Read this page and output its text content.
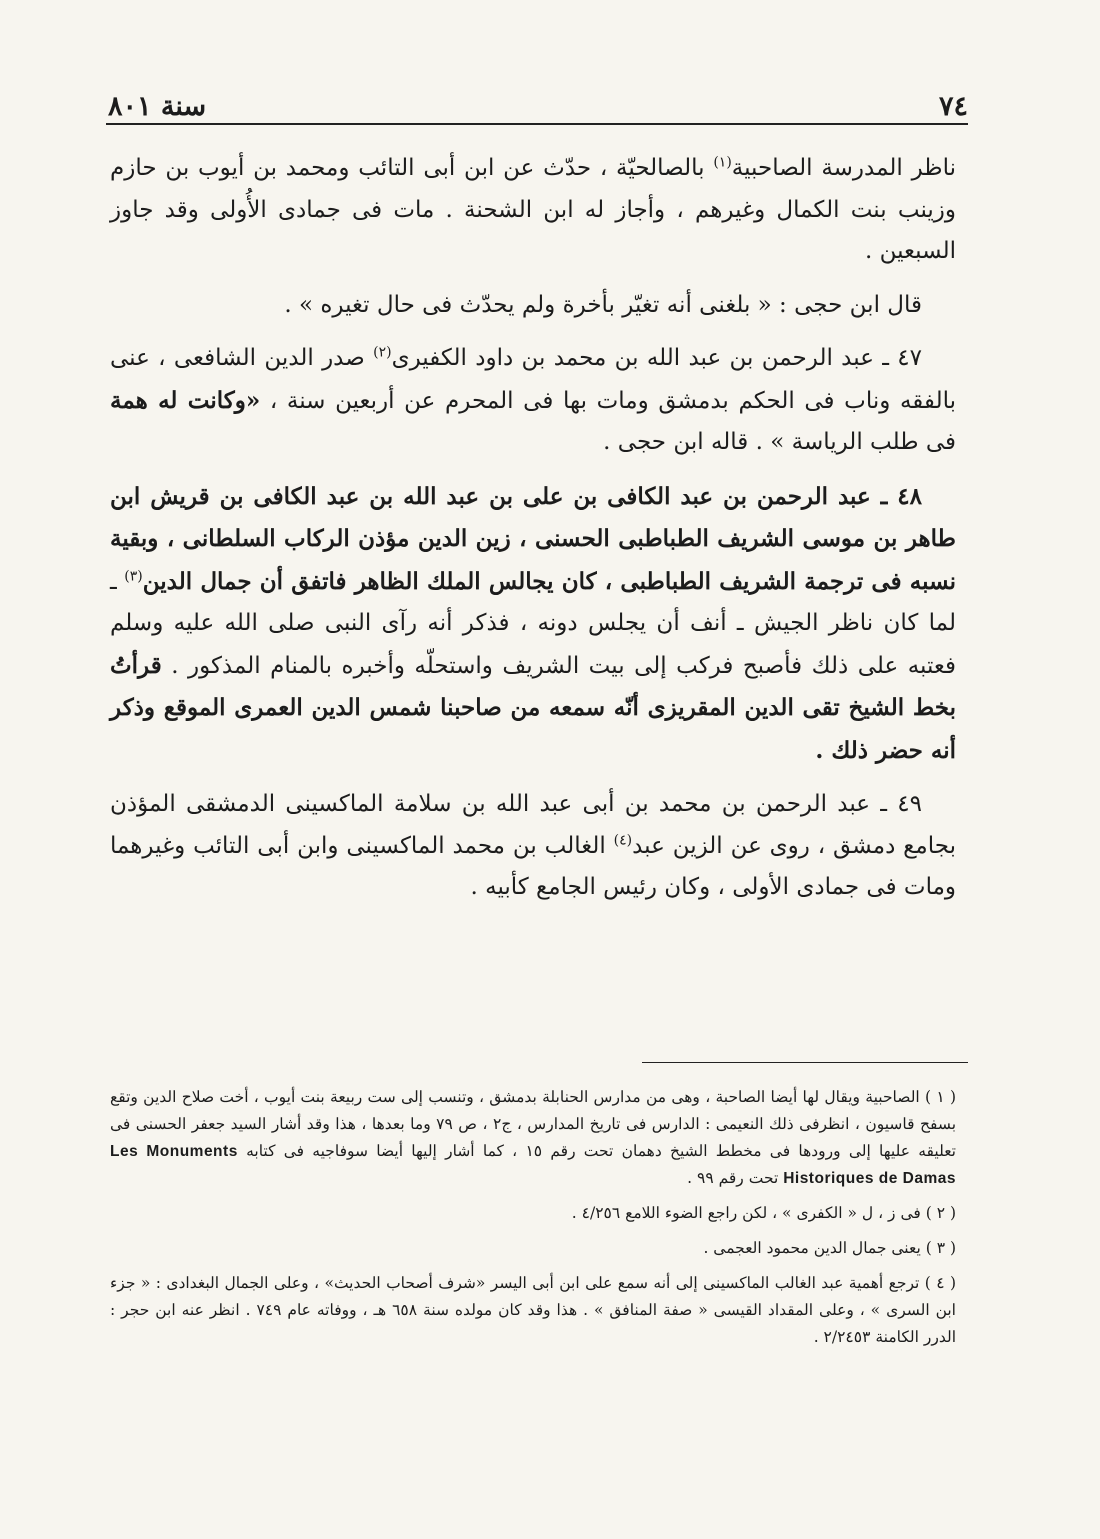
٧٤
سنة ٨٠١

ناظر المدرسة الصاحبية$^{(١)}$ بالصالحيّة ، حدّث عن ابن أبى التائب ومحمد بن أيوب بن حازم وزينب بنت الكمال وغيرهم ، وأجاز له ابن الشحنة . مات فى جمادى الأُولى وقد جاوز السبعين .

قال ابن حجى : « بلغنى أنه تغيّر بأخرة ولم يحدّث فى حال تغيره » .

٤٧ ـ عبد الرحمن بن عبد الله بن محمد بن داود الكفيرى$^{(٢)}$ صدر الدين الشافعى ، عنى بالفقه وناب فى الحكم بدمشق ومات بها فى المحرم عن أربعين سنة ، «وكانت له همة فى طلب الرياسة » . قاله ابن حجى .

٤٨ ـ عبد الرحمن بن عبد الكافى بن على بن عبد الله بن عبد الكافى بن قريش ابن طاهر بن موسى الشريف الطباطبى الحسنى ، زين الدين مؤذن الركاب السلطانى ، وبقية نسبه فى ترجمة الشريف الطباطبى ، كان يجالس الملك الظاهر فاتفق أن جمال الدين$^{(٣)}$ ـ لما كان ناظر الجيش ـ أنف أن يجلس دونه ، فذكر أنه رآى النبى صلى الله عليه وسلم فعتبه على ذلك فأصبح فركب إلى بيت الشريف واستحلّه وأخبره بالمنام المذكور . قرأتُ بخط الشيخ تقى الدين المقريزى أنّه سمعه من صاحبنا شمس الدين العمرى الموقع وذكر أنه حضر ذلك .

٤٩ ـ عبد الرحمن بن محمد بن أبى عبد الله بن سلامة الماكسينى الدمشقى المؤذن بجامع دمشق ، روى عن الزين عبد$^{(٤)}$ الغالب بن محمد الماكسينى وابن أبى التائب وغيرهما ومات فى جمادى الأولى ، وكان رئيس الجامع كأبيه .

( ١ ) الصاحبية ويقال لها أيضا الصاحبة ، وهى من مدارس الحنابلة بدمشق ، وتنسب إلى ست ربيعة بنت أيوب ، أخت صلاح الدين وتقع بسفح قاسيون ، انظرفى ذلك النعيمى : الدارس فى تاريخ المدارس ، ج٢ ، ص ٧٩ وما بعدها ، هذا وقد أشار السيد جعفر الحسنى فى تعليقه عليها إلى ورودها فى مخطط الشيخ دهمان تحت رقم ١٥ ، كما أشار إليها أيضا سوفاجيه فى كتابه Les Monuments Historiques de Damas تحت رقم ٩٩ .

( ٢ ) فى ز ، ل « الكفرى » ، لكن راجع الضوء اللامع ٤/٢٥٦ .

( ٣ ) يعنى جمال الدين محمود العجمى .

( ٤ ) ترجع أهمية عبد الغالب الماكسينى إلى أنه سمع على ابن أبى اليسر «شرف أصحاب الحديث» ، وعلى الجمال البغدادى : « جزء ابن السرى » ، وعلى المقداد القيسى « صفة المنافق » . هذا وقد كان مولده سنة ٦٥٨ هـ ، ووفاته عام ٧٤٩ . انظر عنه ابن حجر : الدرر الكامنة ٢/٢٤٥٣ .
